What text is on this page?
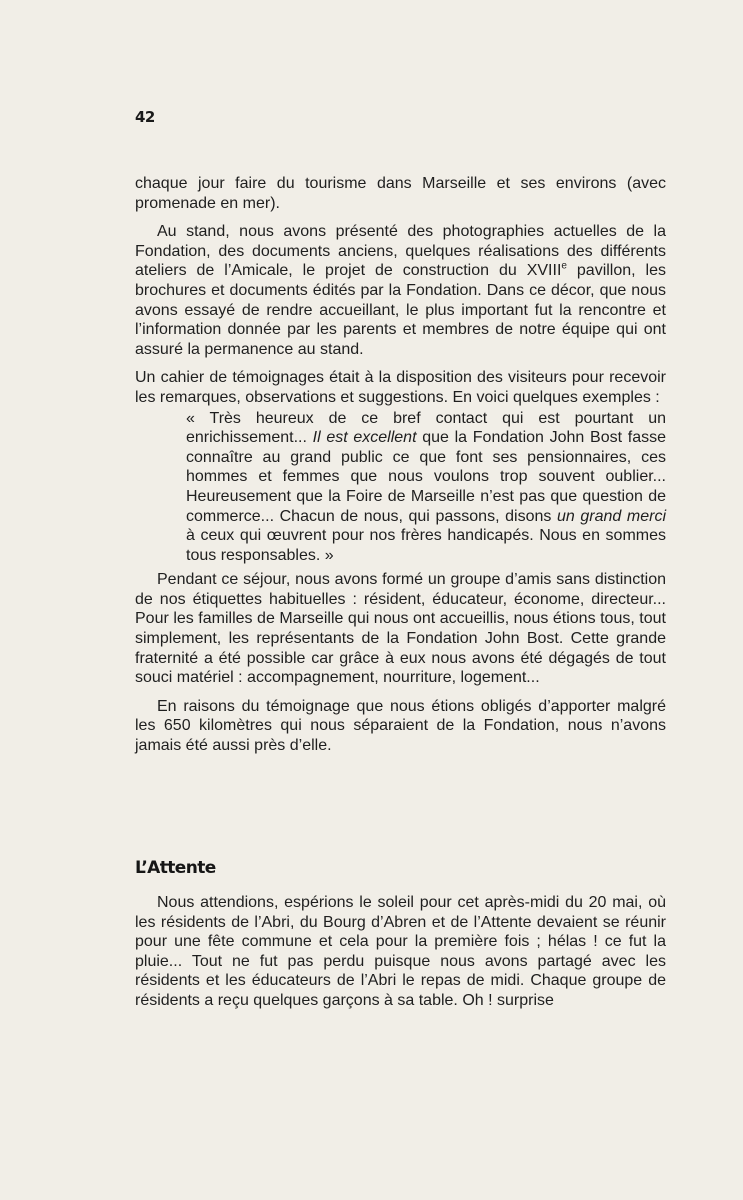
42

chaque jour faire du tourisme dans Marseille et ses environs (avec promenade en mer).

Au stand, nous avons présenté des photographies actuelles de la Fondation, des documents anciens, quelques réalisations des différents ateliers de l’Amicale, le projet de construction du XVIIIe pavillon, les brochures et documents édités par la Fondation. Dans ce décor, que nous avons essayé de rendre accueillant, le plus important fut la rencontre et l’information donnée par les parents et membres de notre équipe qui ont assuré la permanence au stand.

Un cahier de témoignages était à la disposition des visiteurs pour recevoir les remarques, observations et suggestions. En voici quelques exemples :

« Très heureux de ce bref contact qui est pourtant un enrichissement... Il est excellent que la Fondation John Bost fasse connaître au grand public ce que font ses pensionnaires, ces hommes et femmes que nous voulons trop souvent oublier... Heureusement que la Foire de Marseille n’est pas que question de commerce... Chacun de nous, qui passons, disons un grand merci à ceux qui œuvrent pour nos frères handicapés. Nous en sommes tous responsables. »

Pendant ce séjour, nous avons formé un groupe d’amis sans distinction de nos étiquettes habituelles : résident, éducateur, économe, directeur... Pour les familles de Marseille qui nous ont accueillis, nous étions tous, tout simplement, les représentants de la Fondation John Bost. Cette grande fraternité a été possible car grâce à eux nous avons été dégagés de tout souci matériel : accompagnement, nourriture, logement...

En raisons du témoignage que nous étions obligés d’apporter malgré les 650 kilomètres qui nous séparaient de la Fondation, nous n’avons jamais été aussi près d’elle.

L’Attente

Nous attendions, espérions le soleil pour cet après-midi du 20 mai, où les résidents de l’Abri, du Bourg d’Abren et de l’Attente devaient se réunir pour une fête commune et cela pour la première fois ; hélas ! ce fut la pluie... Tout ne fut pas perdu puisque nous avons partagé avec les résidents et les éducateurs de l’Abri le repas de midi. Chaque groupe de résidents a reçu quelques garçons à sa table. Oh ! surprise
